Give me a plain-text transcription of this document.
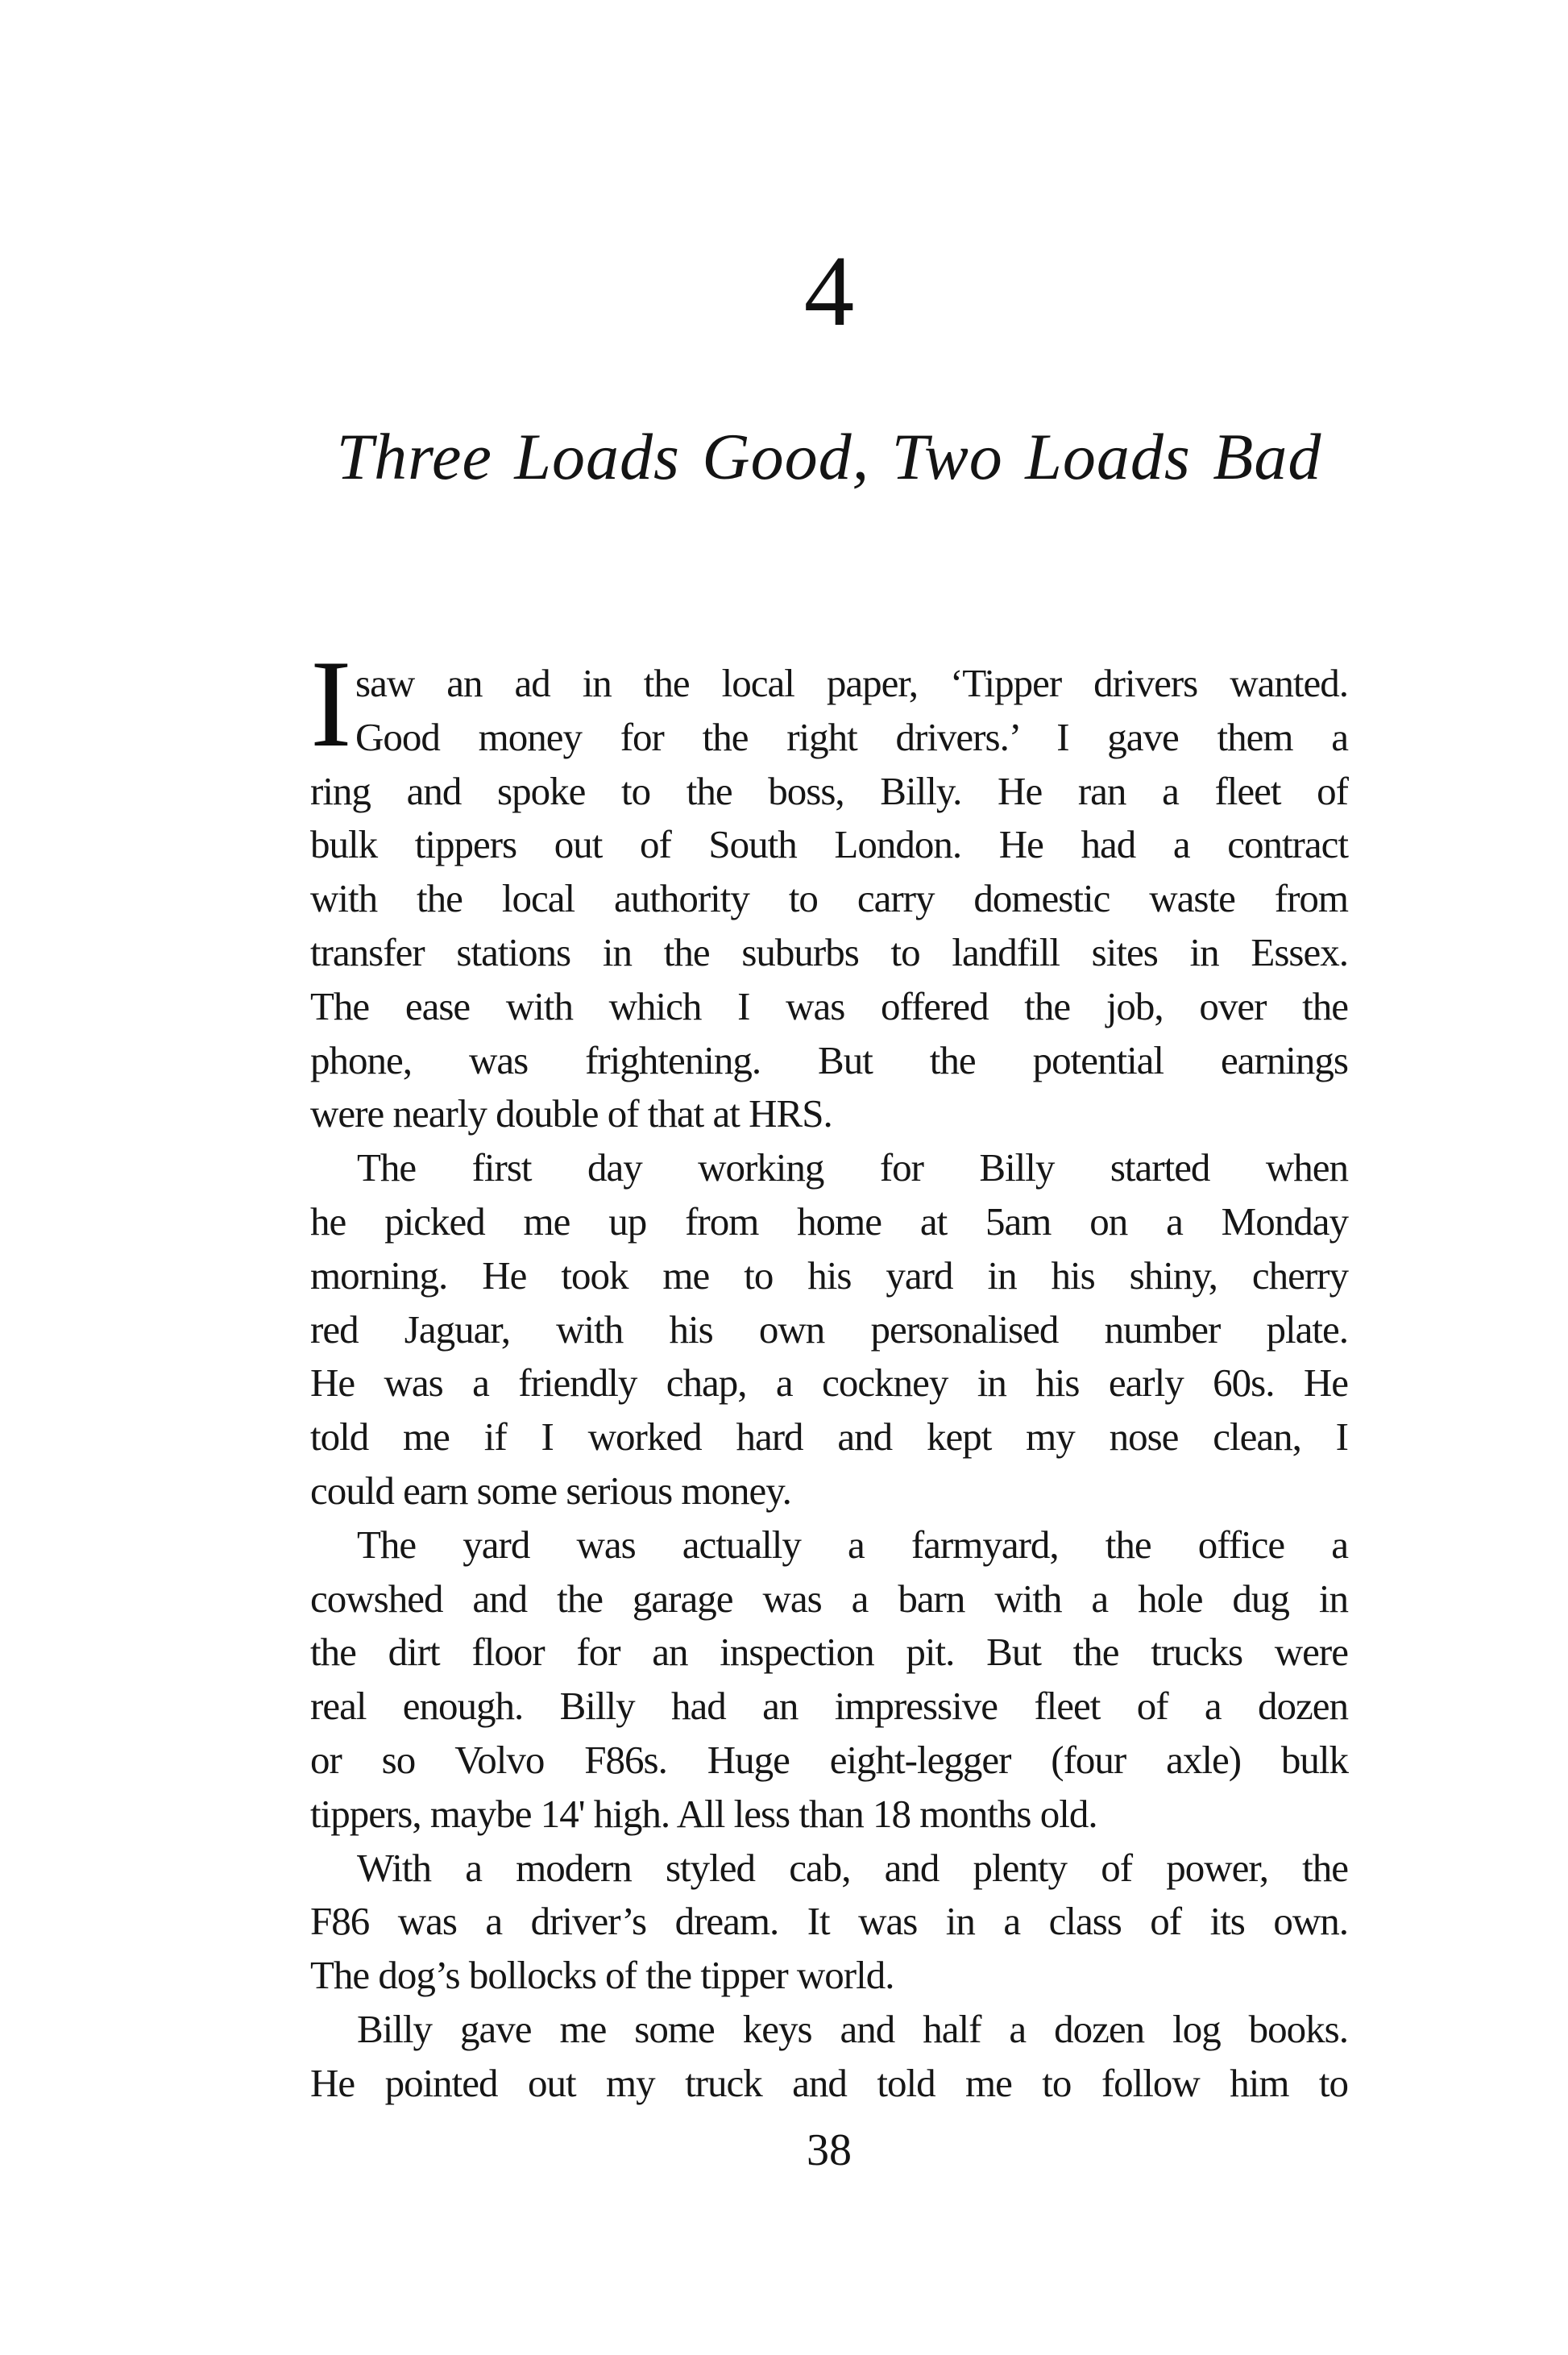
4
Three Loads Good, Two Loads Bad
I saw an ad in the local paper, ‘Tipper drivers wanted.
Good money for the right drivers.’ I gave them a
ring and spoke to the boss, Billy. He ran a fleet of
bulk tippers out of South London. He had a contract
with the local authority to carry domestic waste from
transfer stations in the suburbs to landfill sites in Essex.
The ease with which I was offered the job, over the
phone, was frightening. But the potential earnings
were nearly double of that at HRS.
The first day working for Billy started when
he picked me up from home at 5am on a Monday
morning. He took me to his yard in his shiny, cherry
red Jaguar, with his own personalised number plate.
He was a friendly chap, a cockney in his early 60s. He
told me if I worked hard and kept my nose clean, I
could earn some serious money.
The yard was actually a farmyard, the office a
cowshed and the garage was a barn with a hole dug in
the dirt floor for an inspection pit. But the trucks were
real enough. Billy had an impressive fleet of a dozen
or so Volvo F86s. Huge eight-legger (four axle) bulk
tippers, maybe 14' high. All less than 18 months old.
With a modern styled cab, and plenty of power, the
F86 was a driver’s dream. It was in a class of its own.
The dog’s bollocks of the tipper world.
Billy gave me some keys and half a dozen log books.
He pointed out my truck and told me to follow him to
38
